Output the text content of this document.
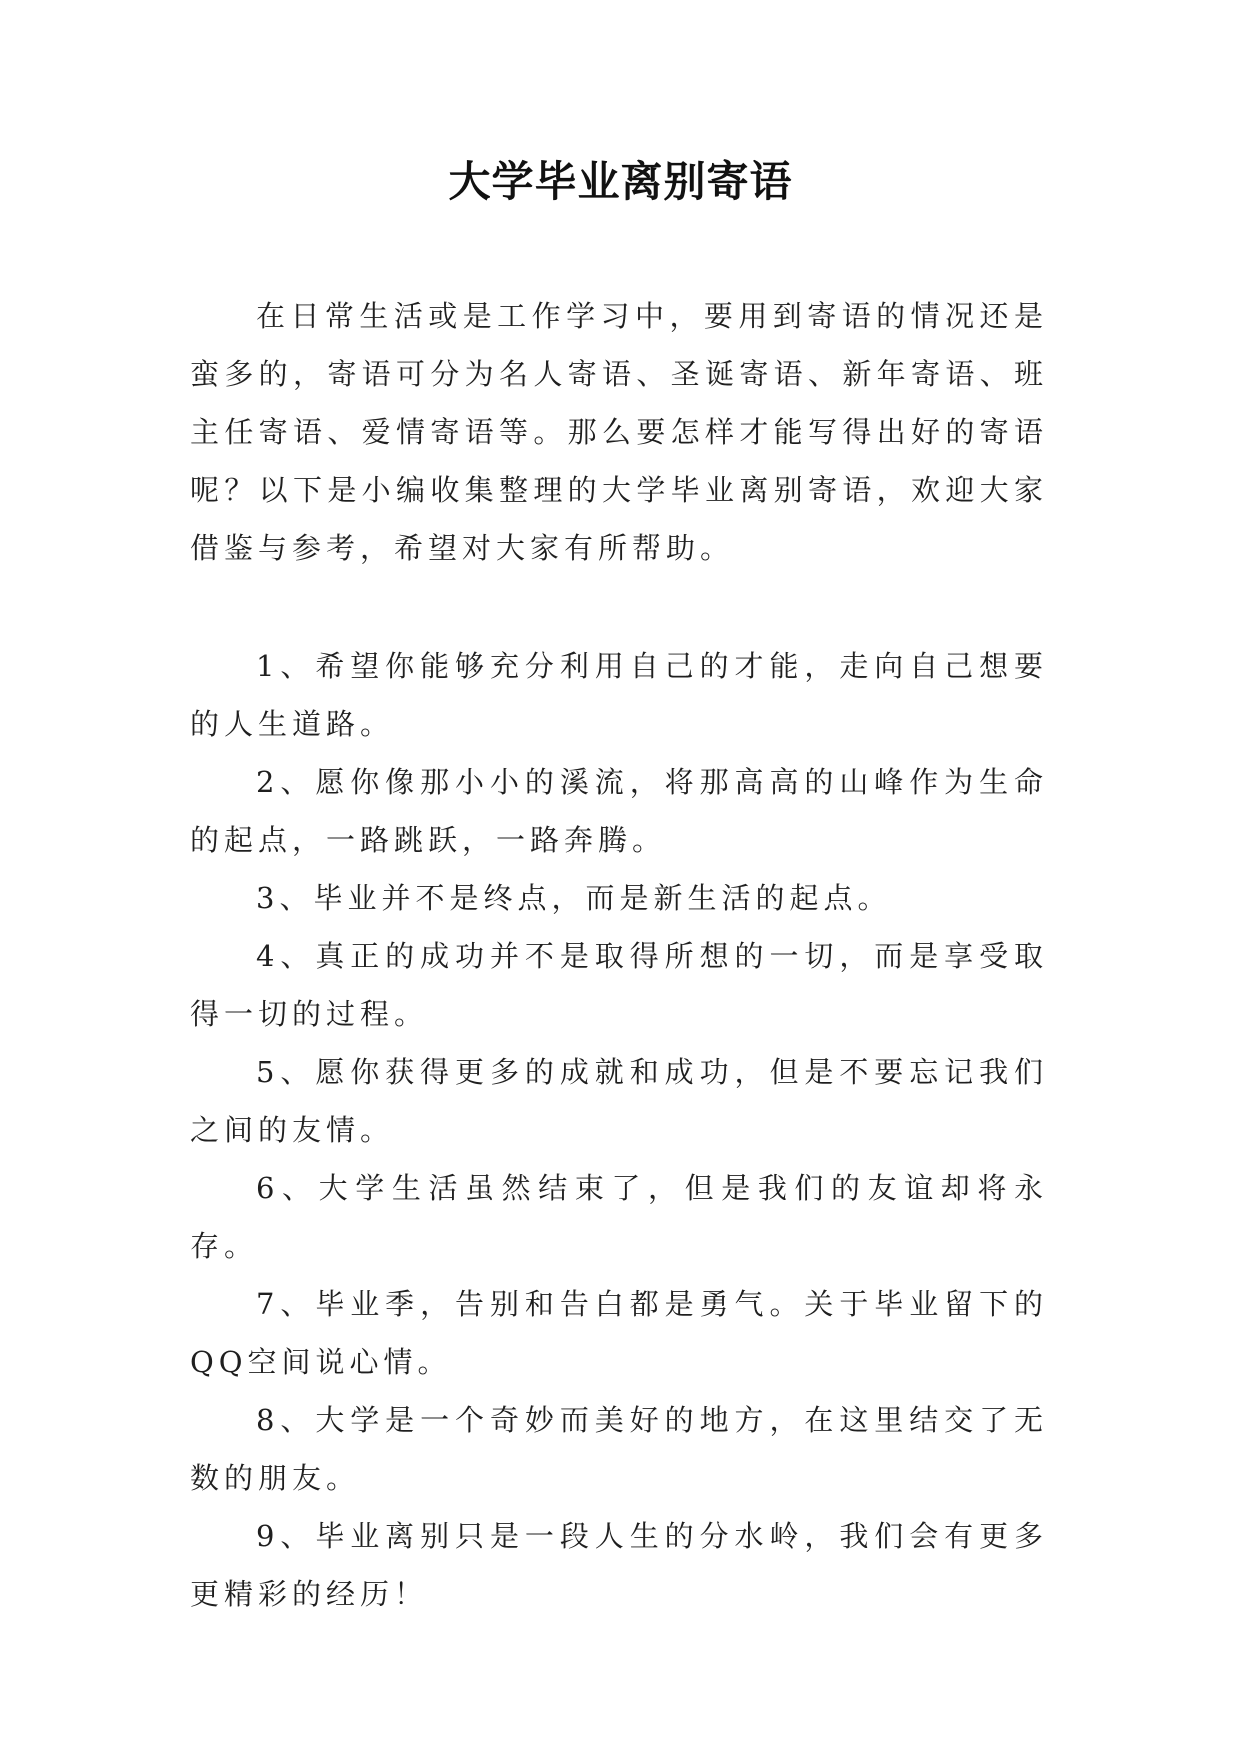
大学毕业离别寄语

在日常生活或是工作学习中，要用到寄语的情况还是蛮多的，寄语可分为名人寄语、圣诞寄语、新年寄语、班主任寄语、爱情寄语等。那么要怎样才能写得出好的寄语呢？以下是小编收集整理的大学毕业离别寄语，欢迎大家借鉴与参考，希望对大家有所帮助。

1、希望你能够充分利用自己的才能，走向自己想要的人生道路。
2、愿你像那小小的溪流，将那高高的山峰作为生命的起点，一路跳跃，一路奔腾。
3、毕业并不是终点，而是新生活的起点。
4、真正的成功并不是取得所想的一切，而是享受取得一切的过程。
5、愿你获得更多的成就和成功，但是不要忘记我们之间的友情。
6、大学生活虽然结束了，但是我们的友谊却将永存。
7、毕业季，告别和告白都是勇气。关于毕业留下的QQ空间说心情。
8、大学是一个奇妙而美好的地方，在这里结交了无数的朋友。
9、毕业离别只是一段人生的分水岭，我们会有更多更精彩的经历！
